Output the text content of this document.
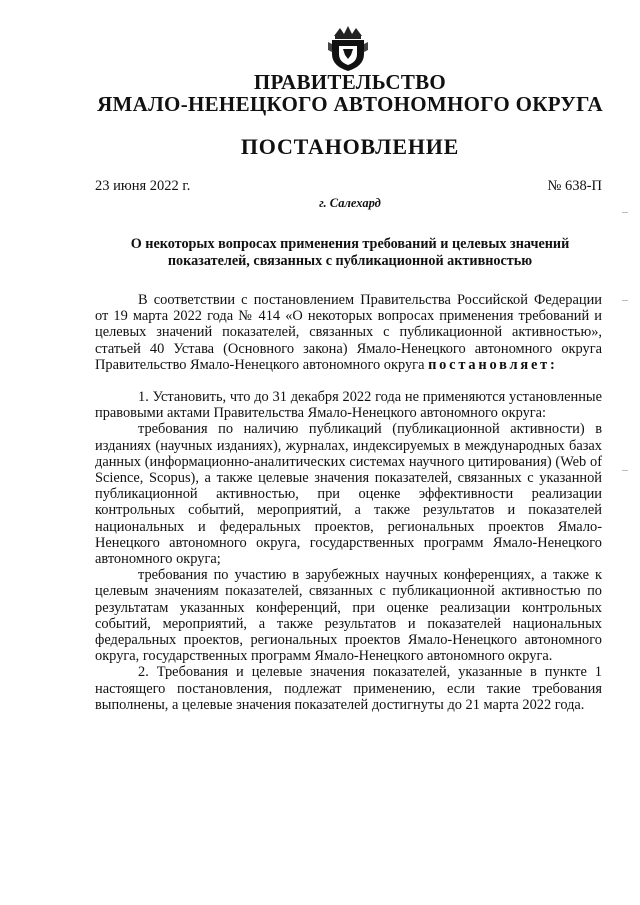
ПРАВИТЕЛЬСТВО
ЯМАЛО-НЕНЕЦКОГО АВТОНОМНОГО ОКРУГА
ПОСТАНОВЛЕНИЕ
23 июня 2022 г.	№ 638-П
г. Салехард
О некоторых вопросах применения требований и целевых значений показателей, связанных с публикационной активностью

В соответствии с постановлением Правительства Российской Федерации от 19 марта 2022 года № 414 «О некоторых вопросах применения требований и целевых значений показателей, связанных с публикационной активностью», статьей 40 Устава (Основного закона) Ямало-Ненецкого автономного округа Правительство Ямало-Ненецкого автономного округа постановляет:

1. Установить, что до 31 декабря 2022 года не применяются установленные правовыми актами Правительства Ямало-Ненецкого автономного округа:

требования по наличию публикаций (публикационной активности) в изданиях (научных изданиях), журналах, индексируемых в международных базах данных (информационно-аналитических системах научного цитирования) (Web of Science, Scopus), а также целевые значения показателей, связанных с указанной публикационной активностью, при оценке эффективности реализации контрольных событий, мероприятий, а также результатов и показателей национальных и федеральных проектов, региональных проектов Ямало-Ненецкого автономного округа, государственных программ Ямало-Ненецкого автономного округа;

требования по участию в зарубежных научных конференциях, а также к целевым значениям показателей, связанных с публикационной активностью по результатам указанных конференций, при оценке реализации контрольных событий, мероприятий, а также результатов и показателей национальных федеральных проектов, региональных проектов Ямало-Ненецкого автономного округа, государственных программ Ямало-Ненецкого автономного округа.

2. Требования и целевые значения показателей, указанные в пункте 1 настоящего постановления, подлежат применению, если такие требования выполнены, а целевые значения показателей достигнуты до 21 марта 2022 года.
